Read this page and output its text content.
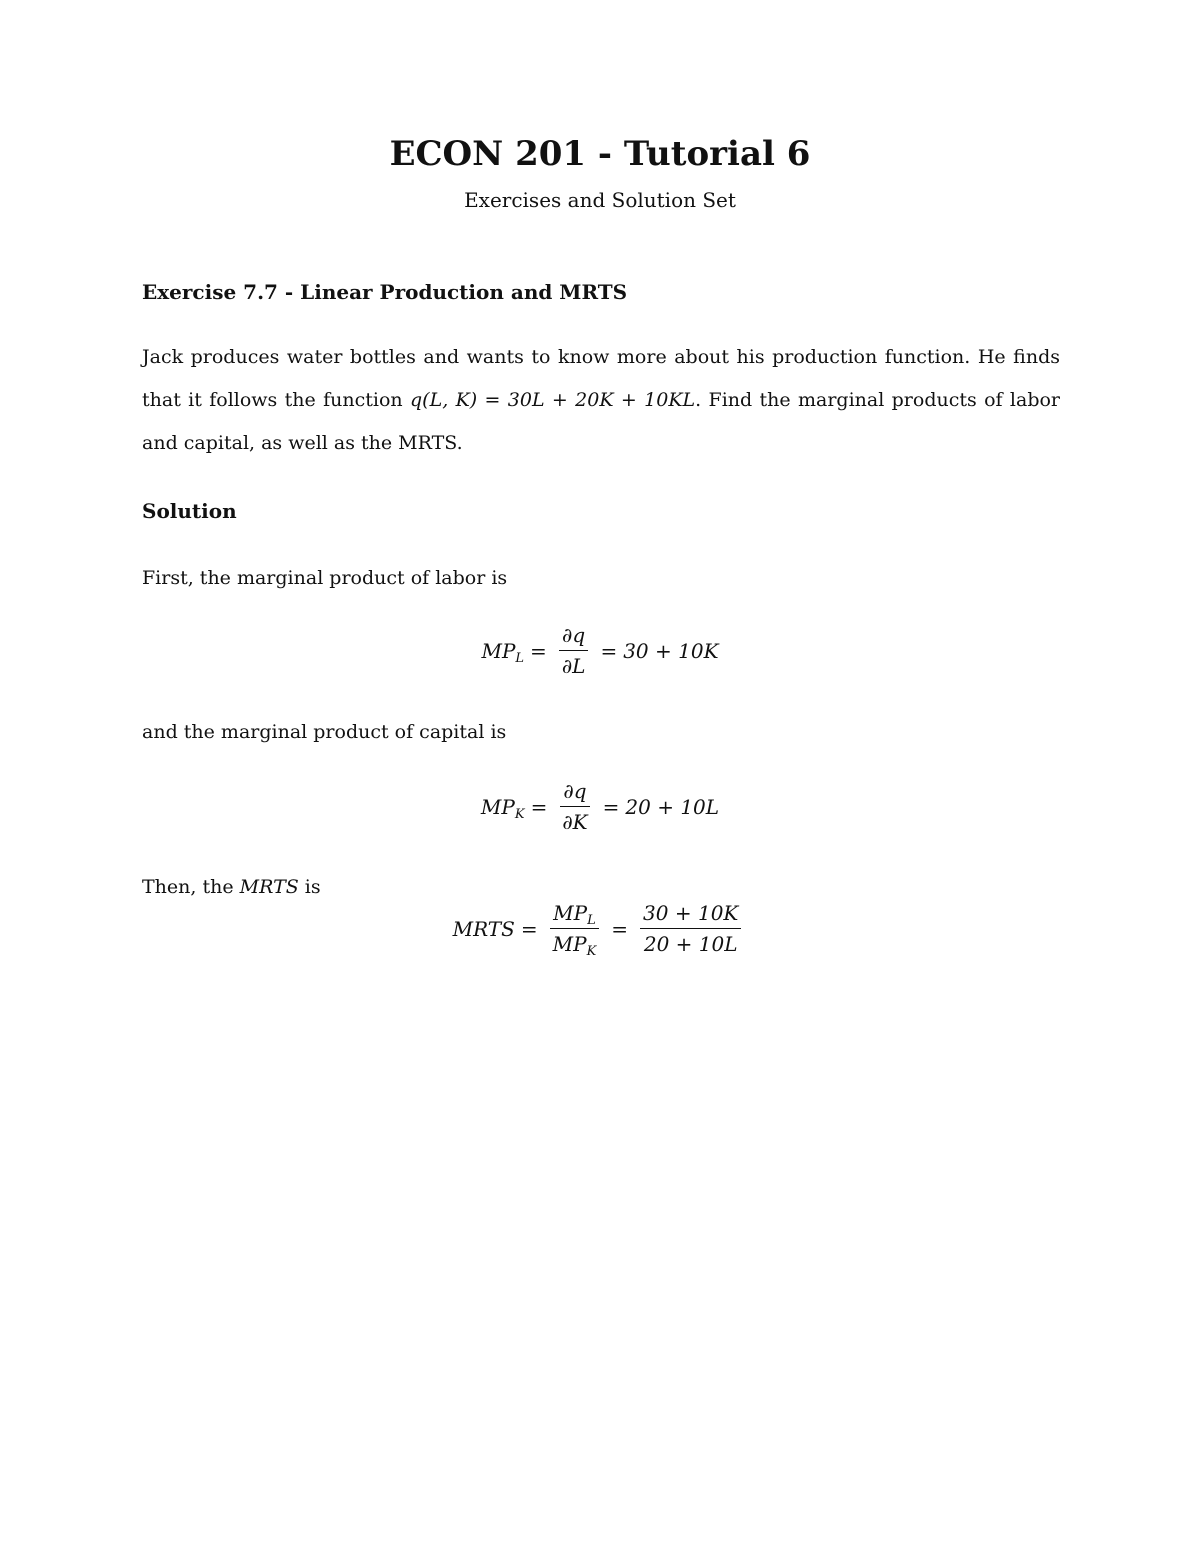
ECON 201 - Tutorial 6
Exercises and Solution Set
Exercise 7.7 - Linear Production and MRTS
Jack produces water bottles and wants to know more about his production function. He finds that it follows the function q(L, K) = 30L + 20K + 10KL. Find the marginal products of labor and capital, as well as the MRTS.
Solution
First, the marginal product of labor is
$MP_L = \frac{\partial q}{\partial L} = 30 + 10K$
and the marginal product of capital is
$MP_K = \frac{\partial q}{\partial K} = 20 + 10L$
Then, the MRTS is
MRTS = $\frac{MP_L}{MP_K} = \frac{30 + 10K}{20 + 10L}$
